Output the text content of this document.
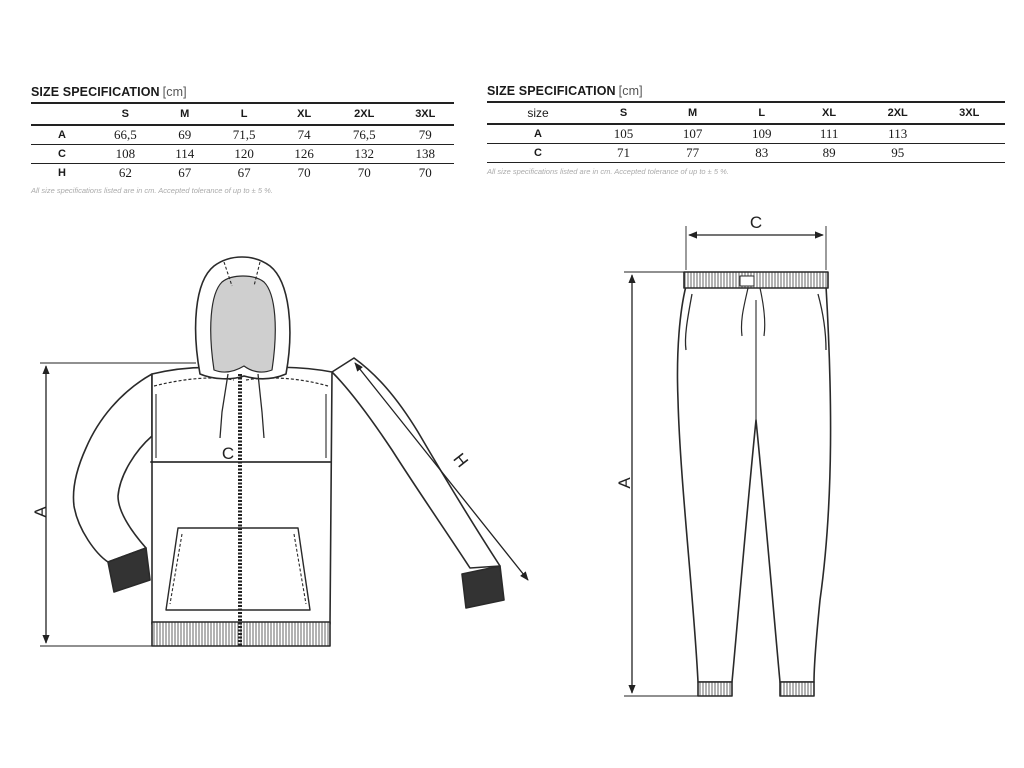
SIZE SPECIFICATION [cm]
	S	M	L	XL	2XL	3XL
A	66,5	69	71,5	74	76,5	79
C	108	114	120	126	132	138
H	62	67	67	70	70	70
All size specifications listed are in cm. Accepted tolerance of up to ± 5 %.
SIZE SPECIFICATION [cm]
size	S	M	L	XL	2XL	3XL
A	105	107	109	111	113	
C	71	77	83	89	95	
All size specifications listed are in cm. Accepted tolerance of up to ± 5 %.
A
C	H
C
A
